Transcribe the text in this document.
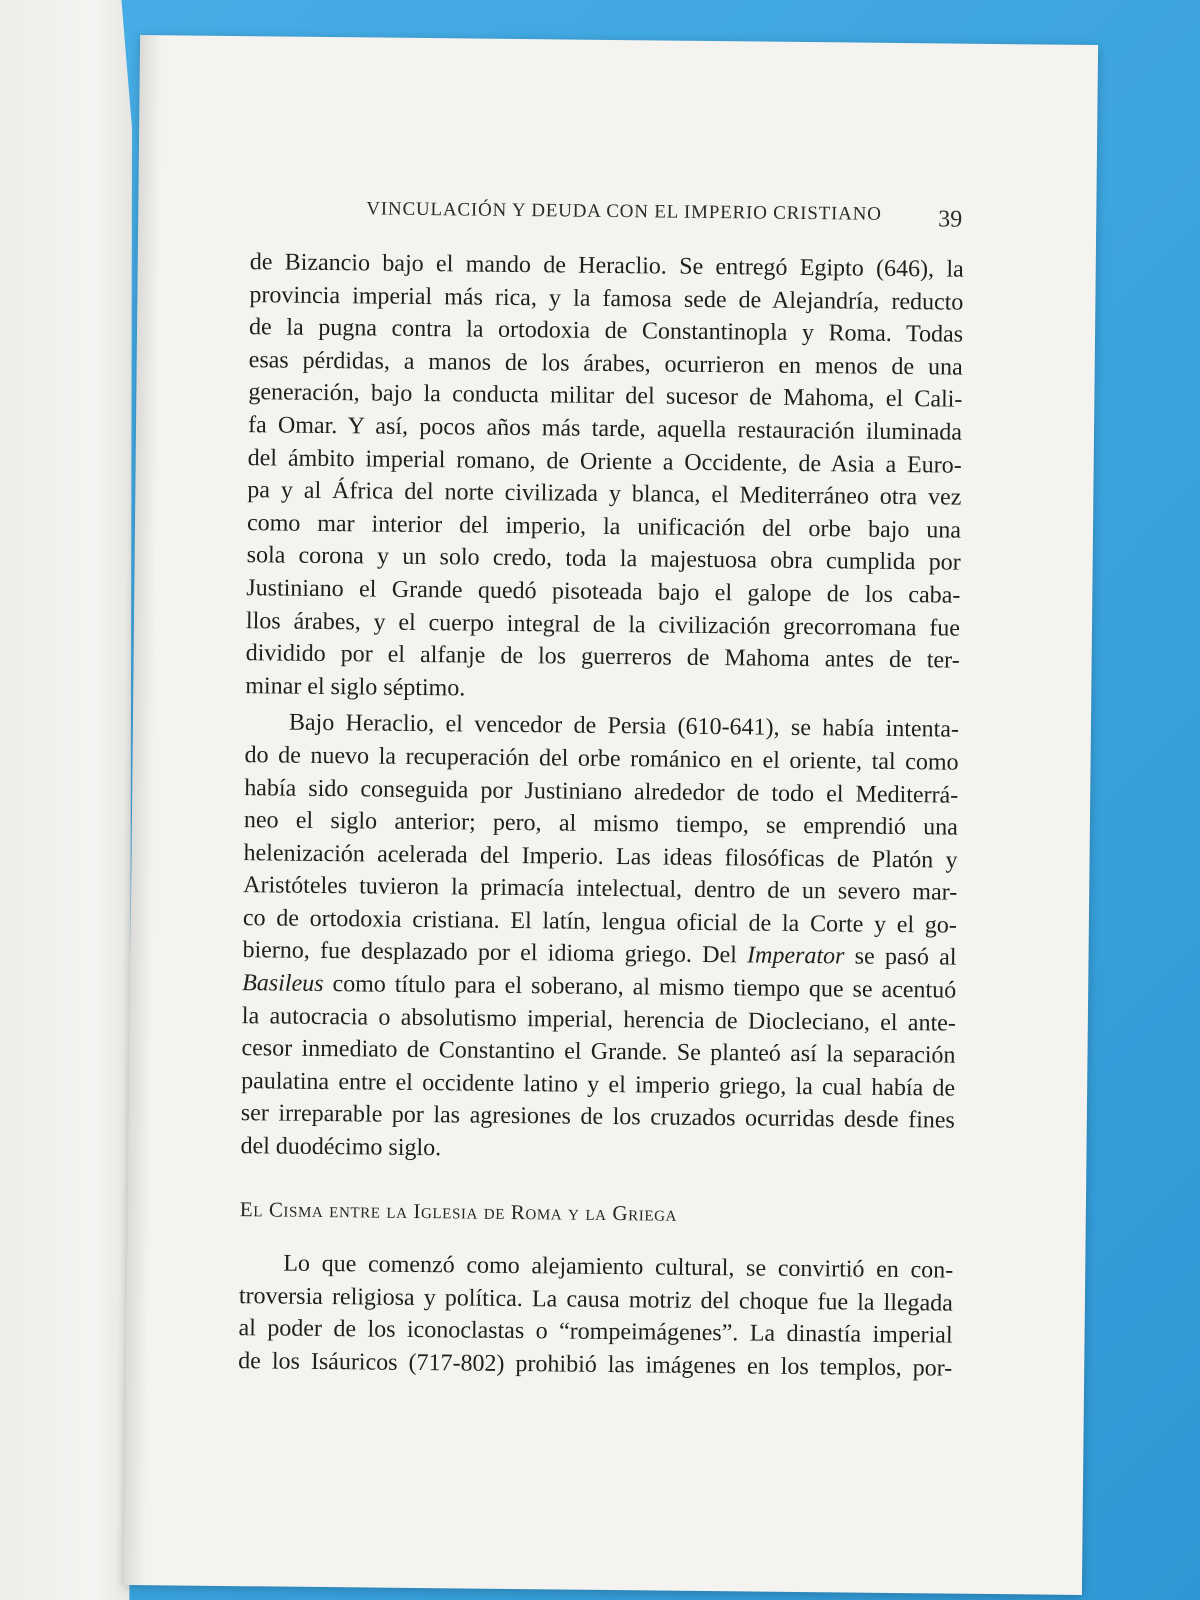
VINCULACIÓN Y DEUDA CON EL IMPERIO CRISTIANO	39

de Bizancio bajo el mando de Heraclio. Se entregó Egipto (646), la

provincia imperial más rica, y la famosa sede de Alejandría, reducto

de la pugna contra la ortodoxia de Constantinopla y Roma. Todas

esas pérdidas, a manos de los árabes, ocurrieron en menos de una

generación, bajo la conducta militar del sucesor de Mahoma, el Cali-

fa Omar. Y así, pocos años más tarde, aquella restauración iluminada

del ámbito imperial romano, de Oriente a Occidente, de Asia a Euro-

pa y al África del norte civilizada y blanca, el Mediterráneo otra vez

como mar interior del imperio, la unificación del orbe bajo una

sola corona y un solo credo, toda la majestuosa obra cumplida por

Justiniano el Grande quedó pisoteada bajo el galope de los caba-

llos árabes, y el cuerpo integral de la civilización grecorromana fue

dividido por el alfanje de los guerreros de Mahoma antes de ter-

minar el siglo séptimo.

Bajo Heraclio, el vencedor de Persia (610-641), se había intenta-

do de nuevo la recuperación del orbe románico en el oriente, tal como

había sido conseguida por Justiniano alrededor de todo el Mediterrá-

neo el siglo anterior; pero, al mismo tiempo, se emprendió una

helenización acelerada del Imperio. Las ideas filosóficas de Platón y

Aristóteles tuvieron la primacía intelectual, dentro de un severo mar-

co de ortodoxia cristiana. El latín, lengua oficial de la Corte y el go-

bierno, fue desplazado por el idioma griego. Del Imperator se pasó al

Basileus como título para el soberano, al mismo tiempo que se acentuó

la autocracia o absolutismo imperial, herencia de Diocleciano, el ante-

cesor inmediato de Constantino el Grande. Se planteó así la separación

paulatina entre el occidente latino y el imperio griego, la cual había de

ser irreparable por las agresiones de los cruzados ocurridas desde fines

del duodécimo siglo.

El Cisma entre la Iglesia de Roma y la Griega

Lo que comenzó como alejamiento cultural, se convirtió en con-

troversia religiosa y política. La causa motriz del choque fue la llegada

al poder de los iconoclastas o “rompeimágenes”. La dinastía imperial

de los Isáuricos (717-802) prohibió las imágenes en los templos, por-
